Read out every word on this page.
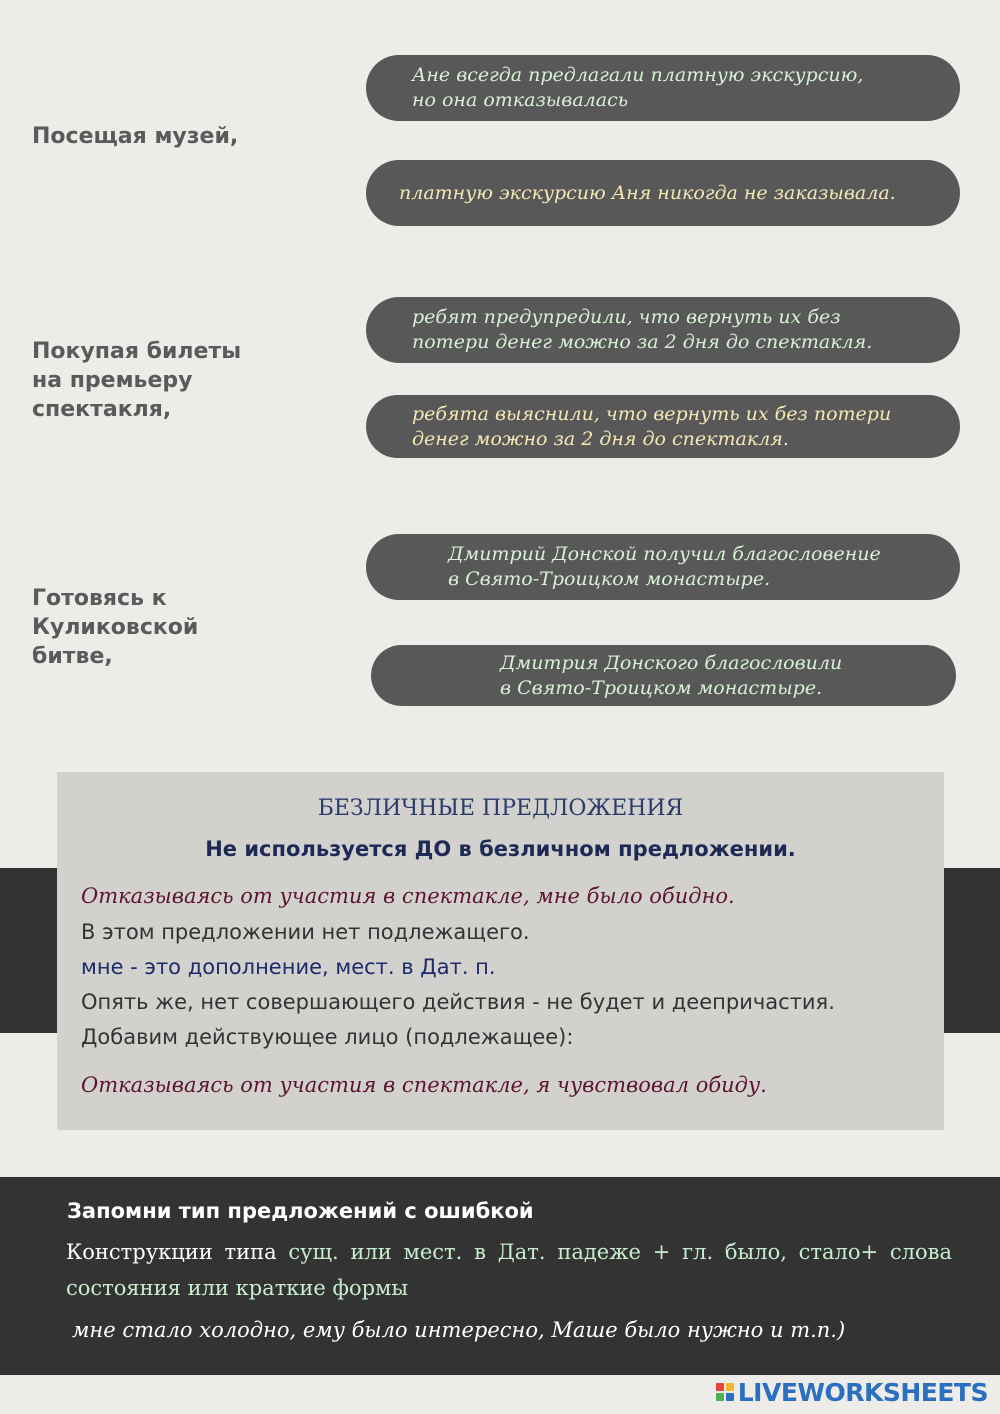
Посещая музей,
Ане всегда предлагали платную экскурсию,
но она отказывалась
платную экскурсию Аня никогда не заказывала.
Покупая билеты
на премьеру
спектакля,
ребят предупредили, что вернуть их без
потери денег можно за 2 дня до спектакля.
ребята выяснили, что вернуть их без потери
денег можно за 2 дня до спектакля.
Готовясь к
Куликовской
битве,
Дмитрий Донской получил благословение
в Свято-Троицком монастыре.
Дмитрия Донского благословили
в Свято-Троицком монастыре.
БЕЗЛИЧНЫЕ ПРЕДЛОЖЕНИЯ
Не используется ДО в безличном предложении.
Отказываясь от участия в спектакле, мне было обидно.
В этом предложении нет подлежащего.
мне - это дополнение, мест. в Дат. п.
Опять же, нет совершающего действия - не будет и деепричастия.
Добавим действующее лицо (подлежащее):
Отказываясь от участия в спектакле, я чувствовал обиду.
Запомни тип предложений с ошибкой
Конструкции типа сущ. или мест. в Дат. падеже + гл. было, стало+ слова состояния или краткие формы
мне стало холодно, ему было интересно, Маше было нужно и т.п.)
LIVEWORKSHEETS
